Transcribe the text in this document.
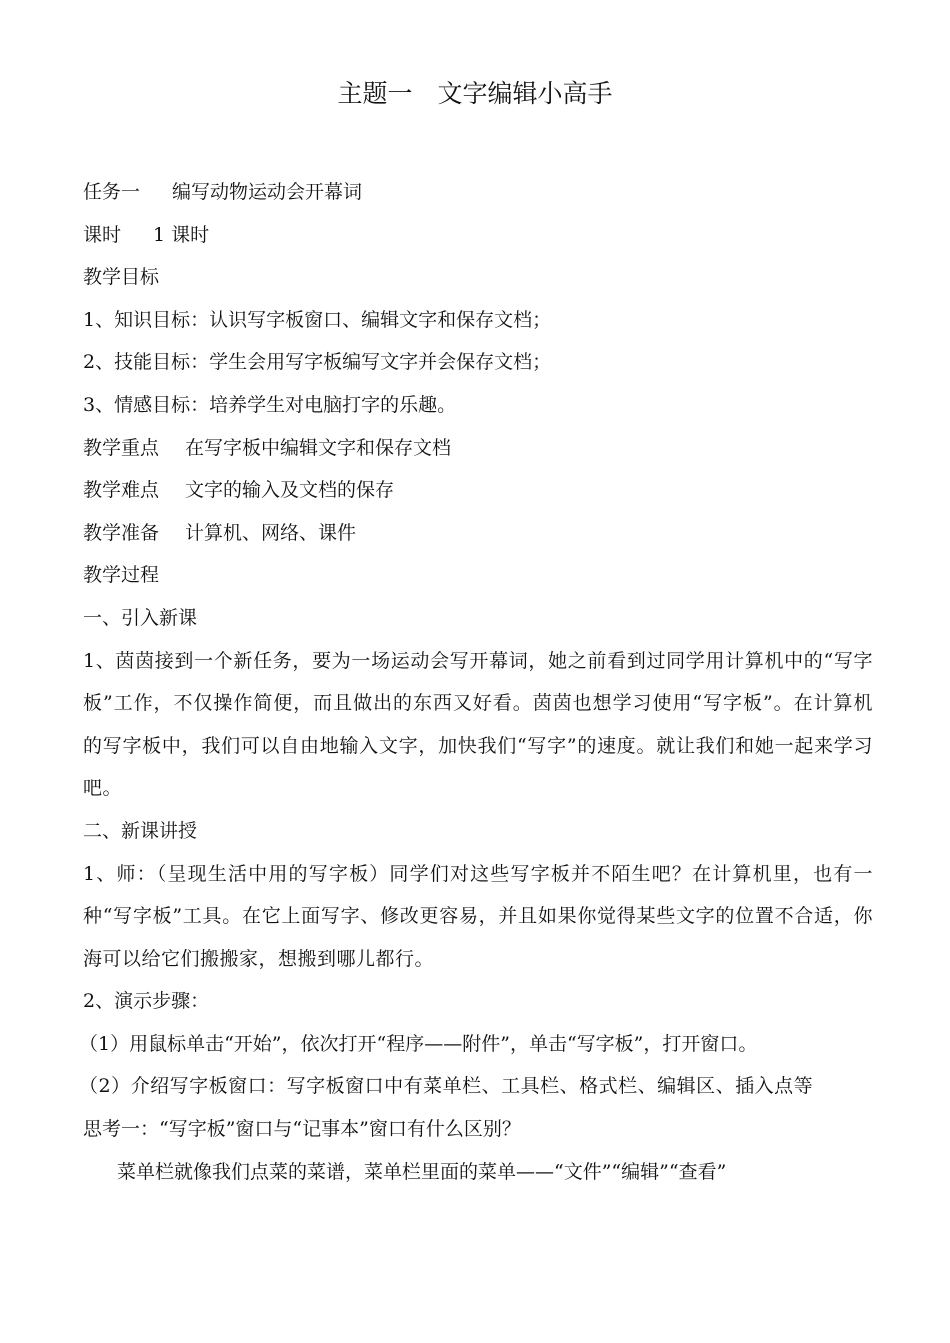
主题一　文字编辑小高手
任务一 编写动物运动会开幕词
课时 1 课时
教学目标
1、知识目标：认识写字板窗口、编辑文字和保存文档；
2、技能目标：学生会用写字板编写文字并会保存文档；
3、情感目标：培养学生对电脑打字的乐趣。
教学重点 在写字板中编辑文字和保存文档
教学难点 文字的输入及文档的保存
教学准备 计算机、网络、课件
教学过程
一、引入新课
1、茵茵接到一个新任务，要为一场运动会写开幕词，她之前看到过同学用计算机中的“写字板”工作，不仅操作简便，而且做出的东西又好看。茵茵也想学习使用“写字板”。在计算机的写字板中，我们可以自由地输入文字，加快我们“写字”的速度。就让我们和她一起来学习吧。
二、新课讲授
1、师：（呈现生活中用的写字板）同学们对这些写字板并不陌生吧？在计算机里，也有一种“写字板”工具。在它上面写字、修改更容易，并且如果你觉得某些文字的位置不合适，你海可以给它们搬搬家，想搬到哪儿都行。
2、演示步骤：
（1）用鼠标单击“开始”，依次打开“程序——附件”，单击“写字板”，打开窗口。
（2）介绍写字板窗口：写字板窗口中有菜单栏、工具栏、格式栏、编辑区、插入点等
思考一：“写字板”窗口与“记事本”窗口有什么区别？
菜单栏就像我们点菜的菜谱，菜单栏里面的菜单——“文件”“编辑”“查看”
